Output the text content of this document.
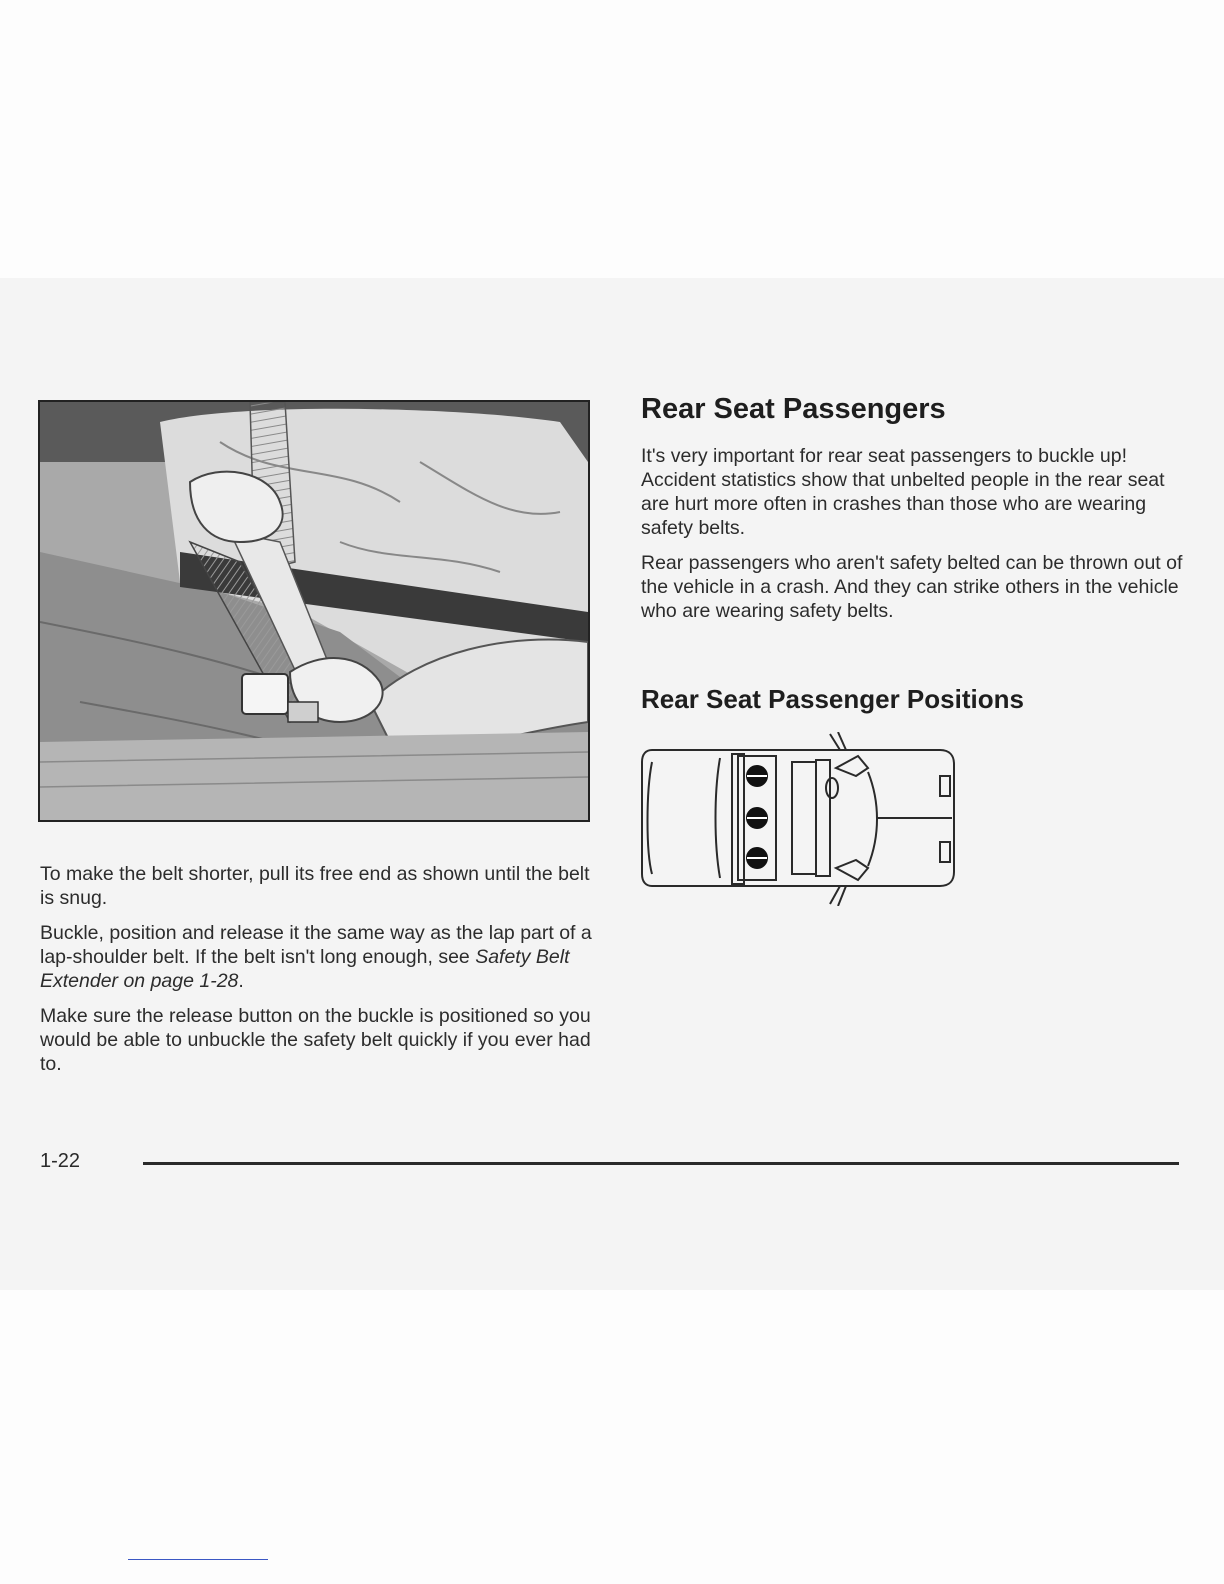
To make the belt shorter, pull its free end as shown until the belt is snug.

Buckle, position and release it the same way as the lap part of a lap-shoulder belt. If the belt isn't long enough, see Safety Belt Extender on page 1-28.

Make sure the release button on the buckle is positioned so you would be able to unbuckle the safety belt quickly if you ever had to.

Rear Seat Passengers

It's very important for rear seat passengers to buckle up! Accident statistics show that unbelted people in the rear seat are hurt more often in crashes than those who are wearing safety belts.

Rear passengers who aren't safety belted can be thrown out of the vehicle in a crash. And they can strike others in the vehicle who are wearing safety belts.

Rear Seat Passenger Positions
1-22
